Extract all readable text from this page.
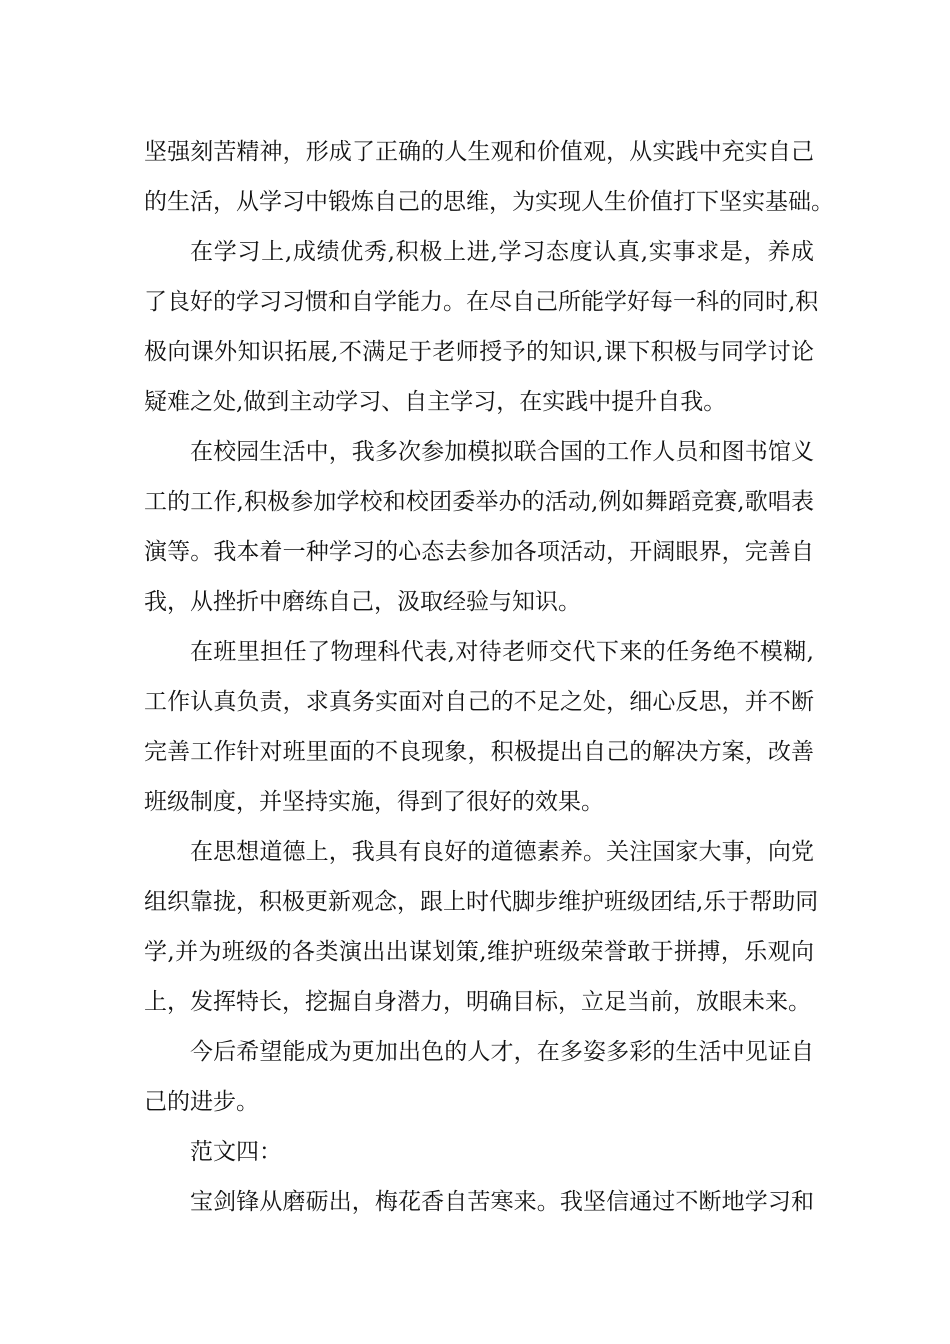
坚强刻苦精神，形成了正确的人生观和价值观，从实践中充实自己
的生活，从学习中锻炼自己的思维，为实现人生价值打下坚实基础。
在学习上,成绩优秀,积极上进,学习态度认真,实事求是，养成
了良好的学习习惯和自学能力。在尽自己所能学好每一科的同时,积
极向课外知识拓展,不满足于老师授予的知识,课下积极与同学讨论
疑难之处,做到主动学习、自主学习，在实践中提升自我。
在校园生活中，我多次参加模拟联合国的工作人员和图书馆义
工的工作,积极参加学校和校团委举办的活动,例如舞蹈竞赛,歌唱表
演等。我本着一种学习的心态去参加各项活动，开阔眼界，完善自
我，从挫折中磨练自己，汲取经验与知识。
在班里担任了物理科代表,对待老师交代下来的任务绝不模糊,
工作认真负责，求真务实面对自己的不足之处，细心反思，并不断
完善工作针对班里面的不良现象，积极提出自己的解决方案，改善
班级制度，并坚持实施，得到了很好的效果。
在思想道德上，我具有良好的道德素养。关注国家大事，向党
组织靠拢，积极更新观念，跟上时代脚步维护班级团结,乐于帮助同
学,并为班级的各类演出出谋划策,维护班级荣誉敢于拼搏，乐观向
上，发挥特长，挖掘自身潜力，明确目标，立足当前，放眼未来。
今后希望能成为更加出色的人才，在多姿多彩的生活中见证自
己的进步。
范文四：
宝剑锋从磨砺出，梅花香自苦寒来。我坚信通过不断地学习和
